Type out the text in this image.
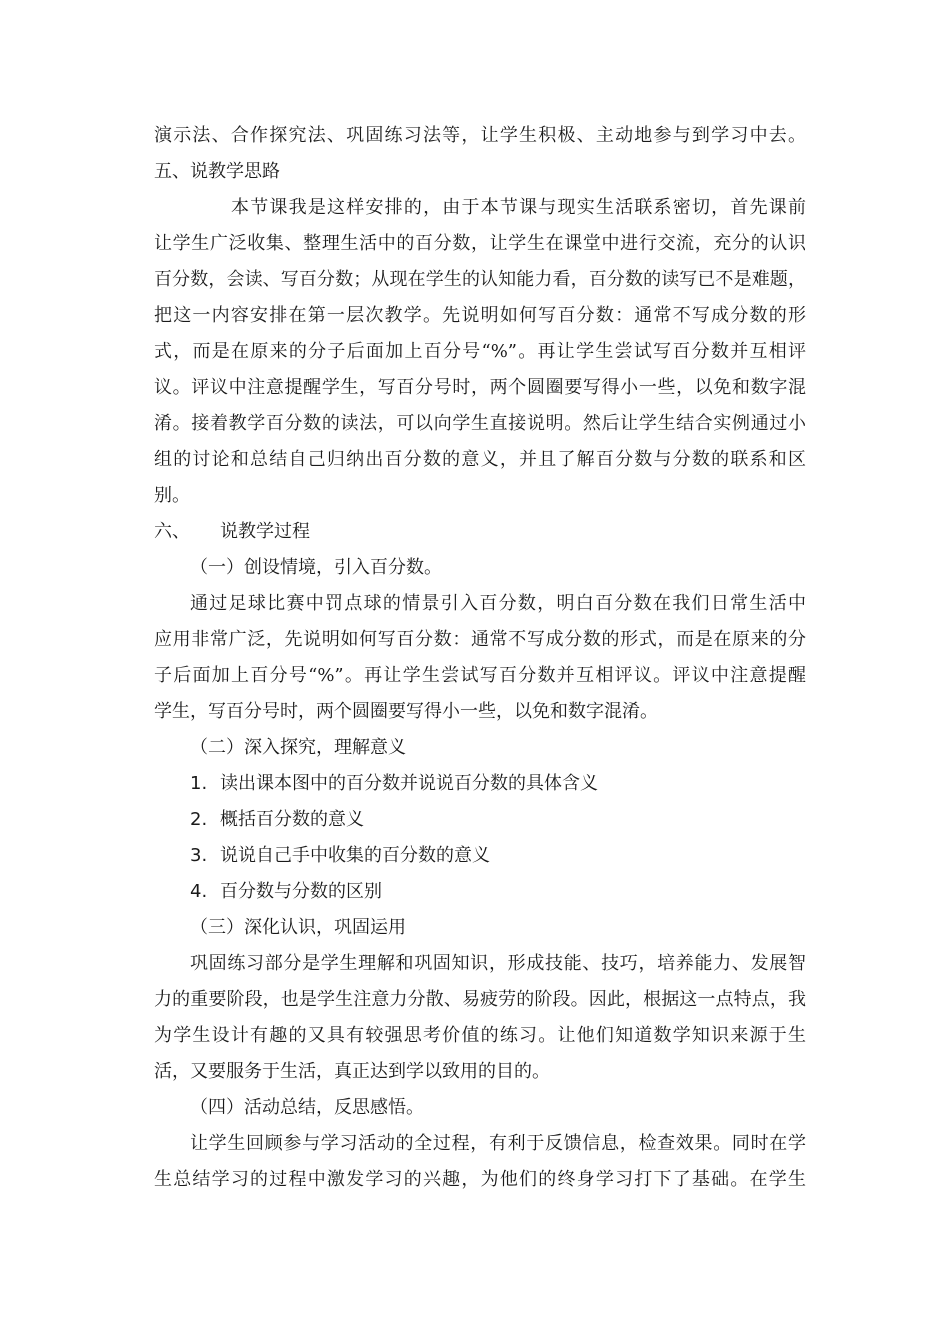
演示法、合作探究法、巩固练习法等，让学生积极、主动地参与到学习中去。
五、说教学思路
本节课我是这样安排的，由于本节课与现实生活联系密切，首先课前
让学生广泛收集、整理生活中的百分数，让学生在课堂中进行交流，充分的认识
百分数，会读、写百分数；从现在学生的认知能力看，百分数的读写已不是难题，
把这一内容安排在第一层次教学。先说明如何写百分数：通常不写成分数的形
式，而是在原来的分子后面加上百分号“%”。再让学生尝试写百分数并互相评
议。评议中注意提醒学生，写百分号时，两个圆圈要写得小一些，以免和数字混
淆。接着教学百分数的读法，可以向学生直接说明。然后让学生结合实例通过小
组的讨论和总结自己归纳出百分数的意义，并且了解百分数与分数的联系和区
别。
六、 说教学过程
（一）创设情境，引入百分数。
通过足球比赛中罚点球的情景引入百分数，明白百分数在我们日常生活中
应用非常广泛，先说明如何写百分数：通常不写成分数的形式，而是在原来的分
子后面加上百分号“%”。再让学生尝试写百分数并互相评议。评议中注意提醒
学生，写百分号时，两个圆圈要写得小一些，以免和数字混淆。
（二）深入探究，理解意义
1. 读出课本图中的百分数并说说百分数的具体含义
2. 概括百分数的意义
3. 说说自己手中收集的百分数的意义
4. 百分数与分数的区别
（三）深化认识，巩固运用
巩固练习部分是学生理解和巩固知识，形成技能、技巧，培养能力、发展智
力的重要阶段，也是学生注意力分散、易疲劳的阶段。因此，根据这一点特点，我
为学生设计有趣的又具有较强思考价值的练习。让他们知道数学知识来源于生
活，又要服务于生活，真正达到学以致用的目的。
（四）活动总结，反思感悟。
让学生回顾参与学习活动的全过程，有利于反馈信息，检查效果。同时在学
生总结学习的过程中激发学习的兴趣，为他们的终身学习打下了基础。在学生
